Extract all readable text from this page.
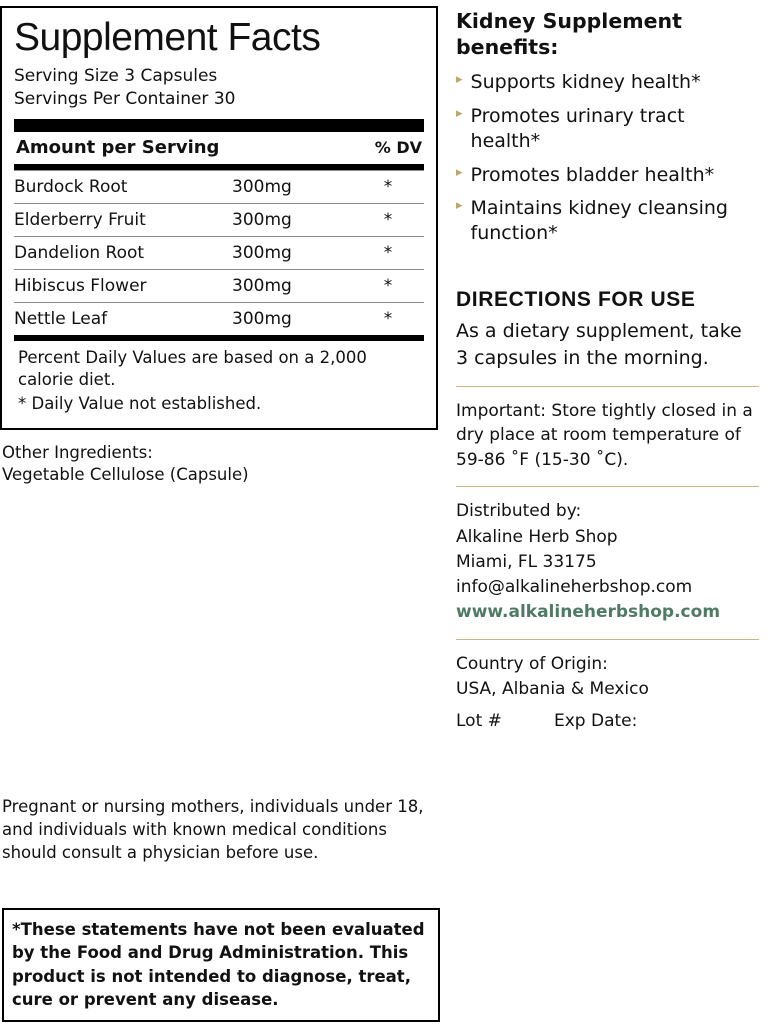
Supplement Facts
Serving Size 3 Capsules
Servings Per Container 30
Amount per Serving	% DV
Burdock Root	300mg	*
Elderberry Fruit	300mg	*
Dandelion Root	300mg	*
Hibiscus Flower	300mg	*
Nettle Leaf	300mg	*

Percent Daily Values are based on a 2,000 calorie diet.

* Daily Value not established.

Other Ingredients:

Vegetable Cellulose (Capsule)

Pregnant or nursing mothers, individuals under 18, and individuals with known medical conditions should consult a physician before use.

*These statements have not been evaluated by the Food and Drug Administration. This product is not intended to diagnose, treat, cure or prevent any disease.

Kidney Supplement benefits:
▸ Supports kidney health*
▸ Promotes urinary tract health*
▸ Promotes bladder health*
▸ Maintains kidney cleansing function*
DIRECTIONS FOR USE

As a dietary supplement, take 3 capsules in the morning.

Important: Store tightly closed in a dry place at room temperature of 59-86 ˚F (15-30 ˚C).

Distributed by:
Alkaline Herb Shop
Miami, FL 33175
info@alkalineherbshop.com
www.alkalineherbshop.com
Country of Origin:
USA, Albania & Mexico
Lot #	Exp Date:
